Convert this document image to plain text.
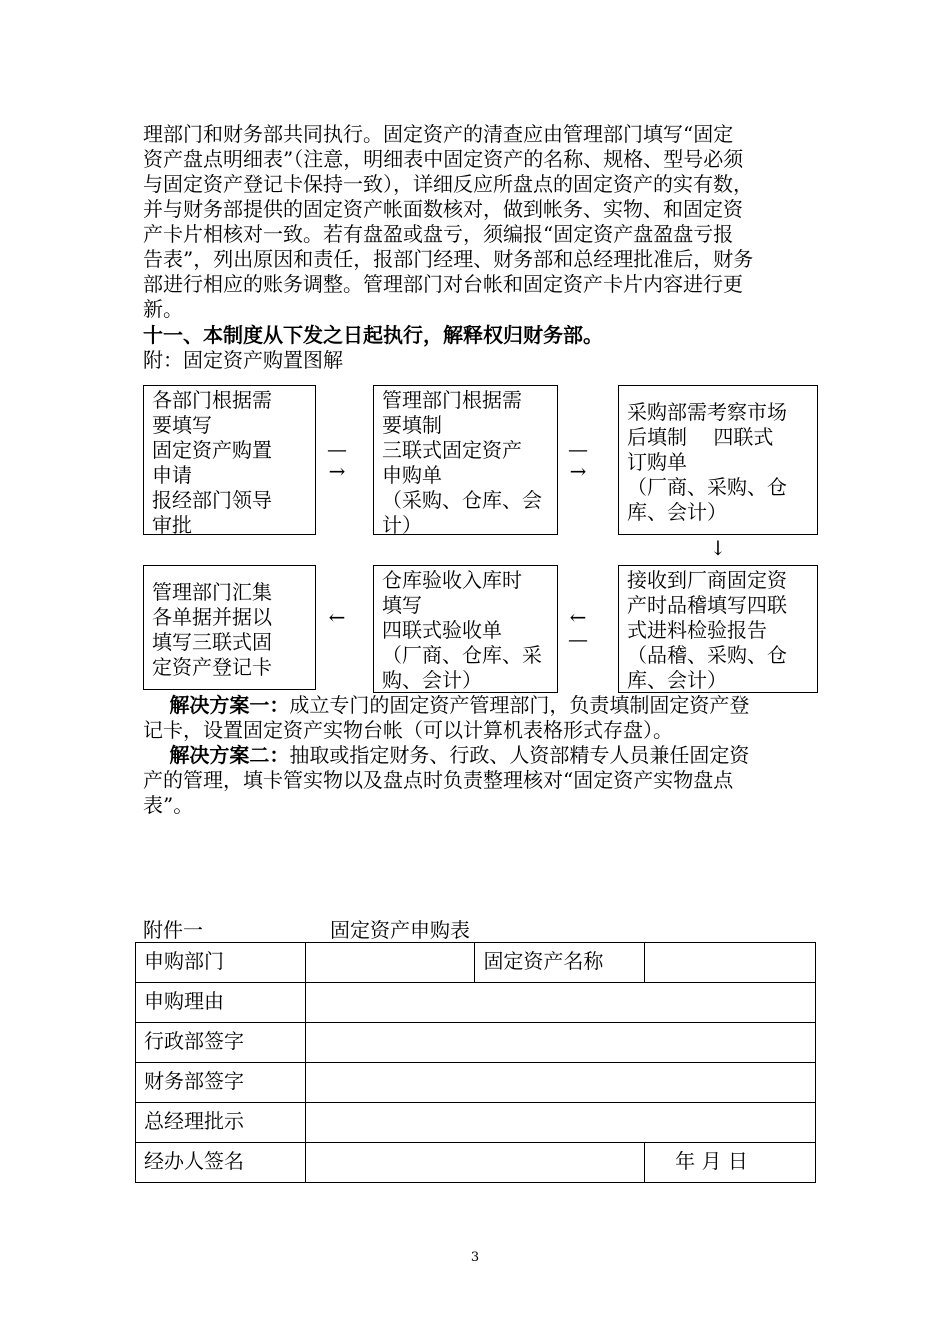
理部门和财务部共同执行。固定资产的清查应由管理部门填写“固定
资产盘点明细表”（注意，明细表中固定资产的名称、规格、型号必须
与固定资产登记卡保持一致），详细反应所盘点的固定资产的实有数，
并与财务部提供的固定资产帐面数核对，做到帐务、实物、和固定资
产卡片相核对一致。若有盘盈或盘亏，须编报“固定资产盘盈盘亏报
告表”，列出原因和责任，报部门经理、财务部和总经理批准后，财务
部进行相应的账务调整。管理部门对台帐和固定资产卡片内容进行更
新。
十一、本制度从下发之日起执行，解释权归财务部。
附：固定资产购置图解
各部门根据需
要填写
固定资产购置
申请
报经部门领导
审批
—
→
管理部门根据需
要填制
三联式固定资产
申购单
（采购、仓库、会
计）
—
→
采购部需考察市场
后填制　 四联式
订购单
（厂商、采购、仓
库、会计）
↓
接收到厂商固定资
产时品稽填写四联
式进料检验报告
（品稽、采购、仓
库、会计）
←
—
仓库验收入库时
填写
四联式验收单
（厂商、仓库、采
购、会计）
←
管理部门汇集
各单据并据以
填写三联式固
定资产登记卡
　 解决方案一：成立专门的固定资产管理部门，负责填制固定资产登
记卡，设置固定资产实物台帐（可以计算机表格形式存盘）。
　 解决方案二：抽取或指定财务、行政、人资部精专人员兼任固定资
产的管理，填卡管实物以及盘点时负责整理核对“固定资产实物盘点
表”。
附件一	固定资产申购表
申购部门		固定资产名称	
申购理由			
行政部签字			
财务部签字			
总经理批示			
经办人签名			年 月 日
3
